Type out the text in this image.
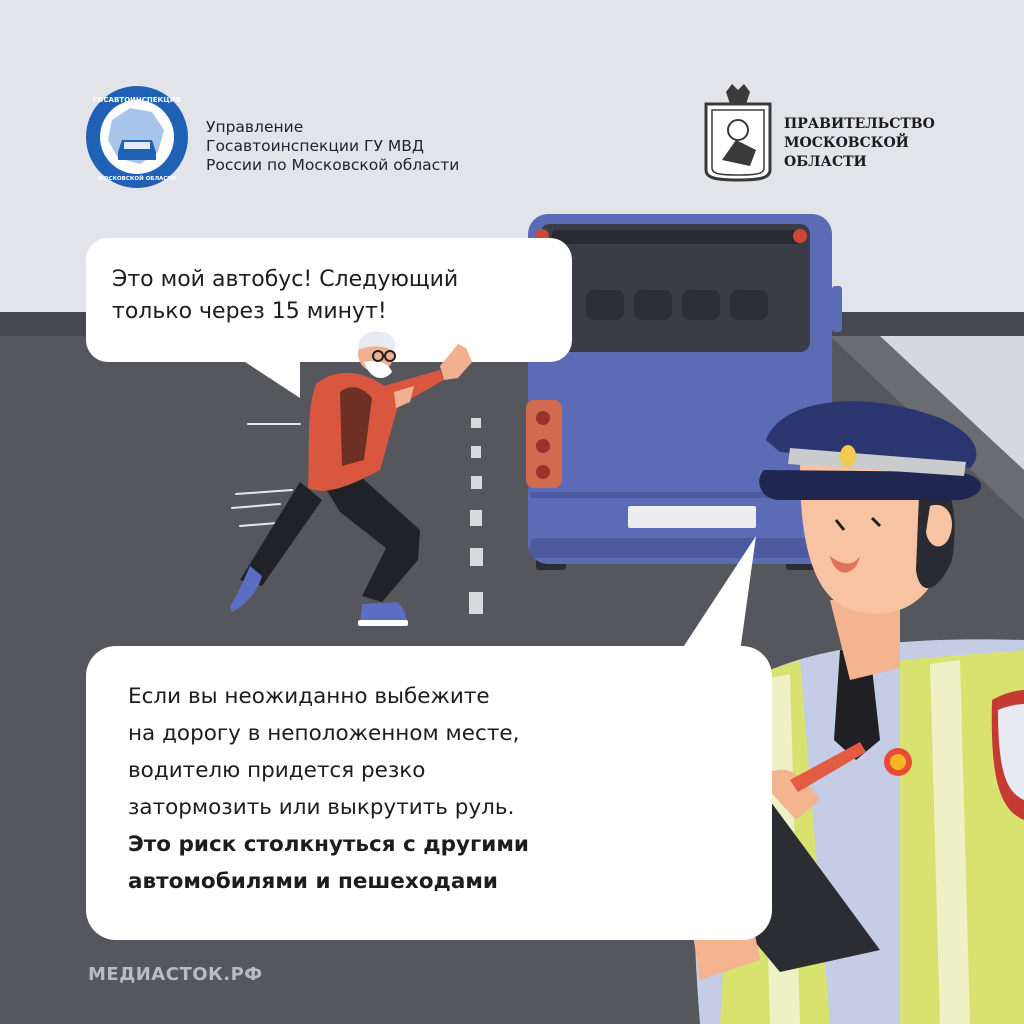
ГОСАВТОИНСПЕКЦИЯ
МОСКОВСКОЙ ОБЛАСТИ
Управление
Госавтоинспекции ГУ МВД
России по Московской области
ПРАВИТЕЛЬСТВО
МОСКОВСКОЙ
ОБЛАСТИ
Это мой автобус! Следующий
только через 15 минут!
Если вы неожиданно выбежите
на дорогу в неположенном месте,
водителю придется резко
затормозить или выкрутить руль.
Это риск столкнуться с другими
автомобилями и пешеходами
МЕДИАСТОК.РФ
